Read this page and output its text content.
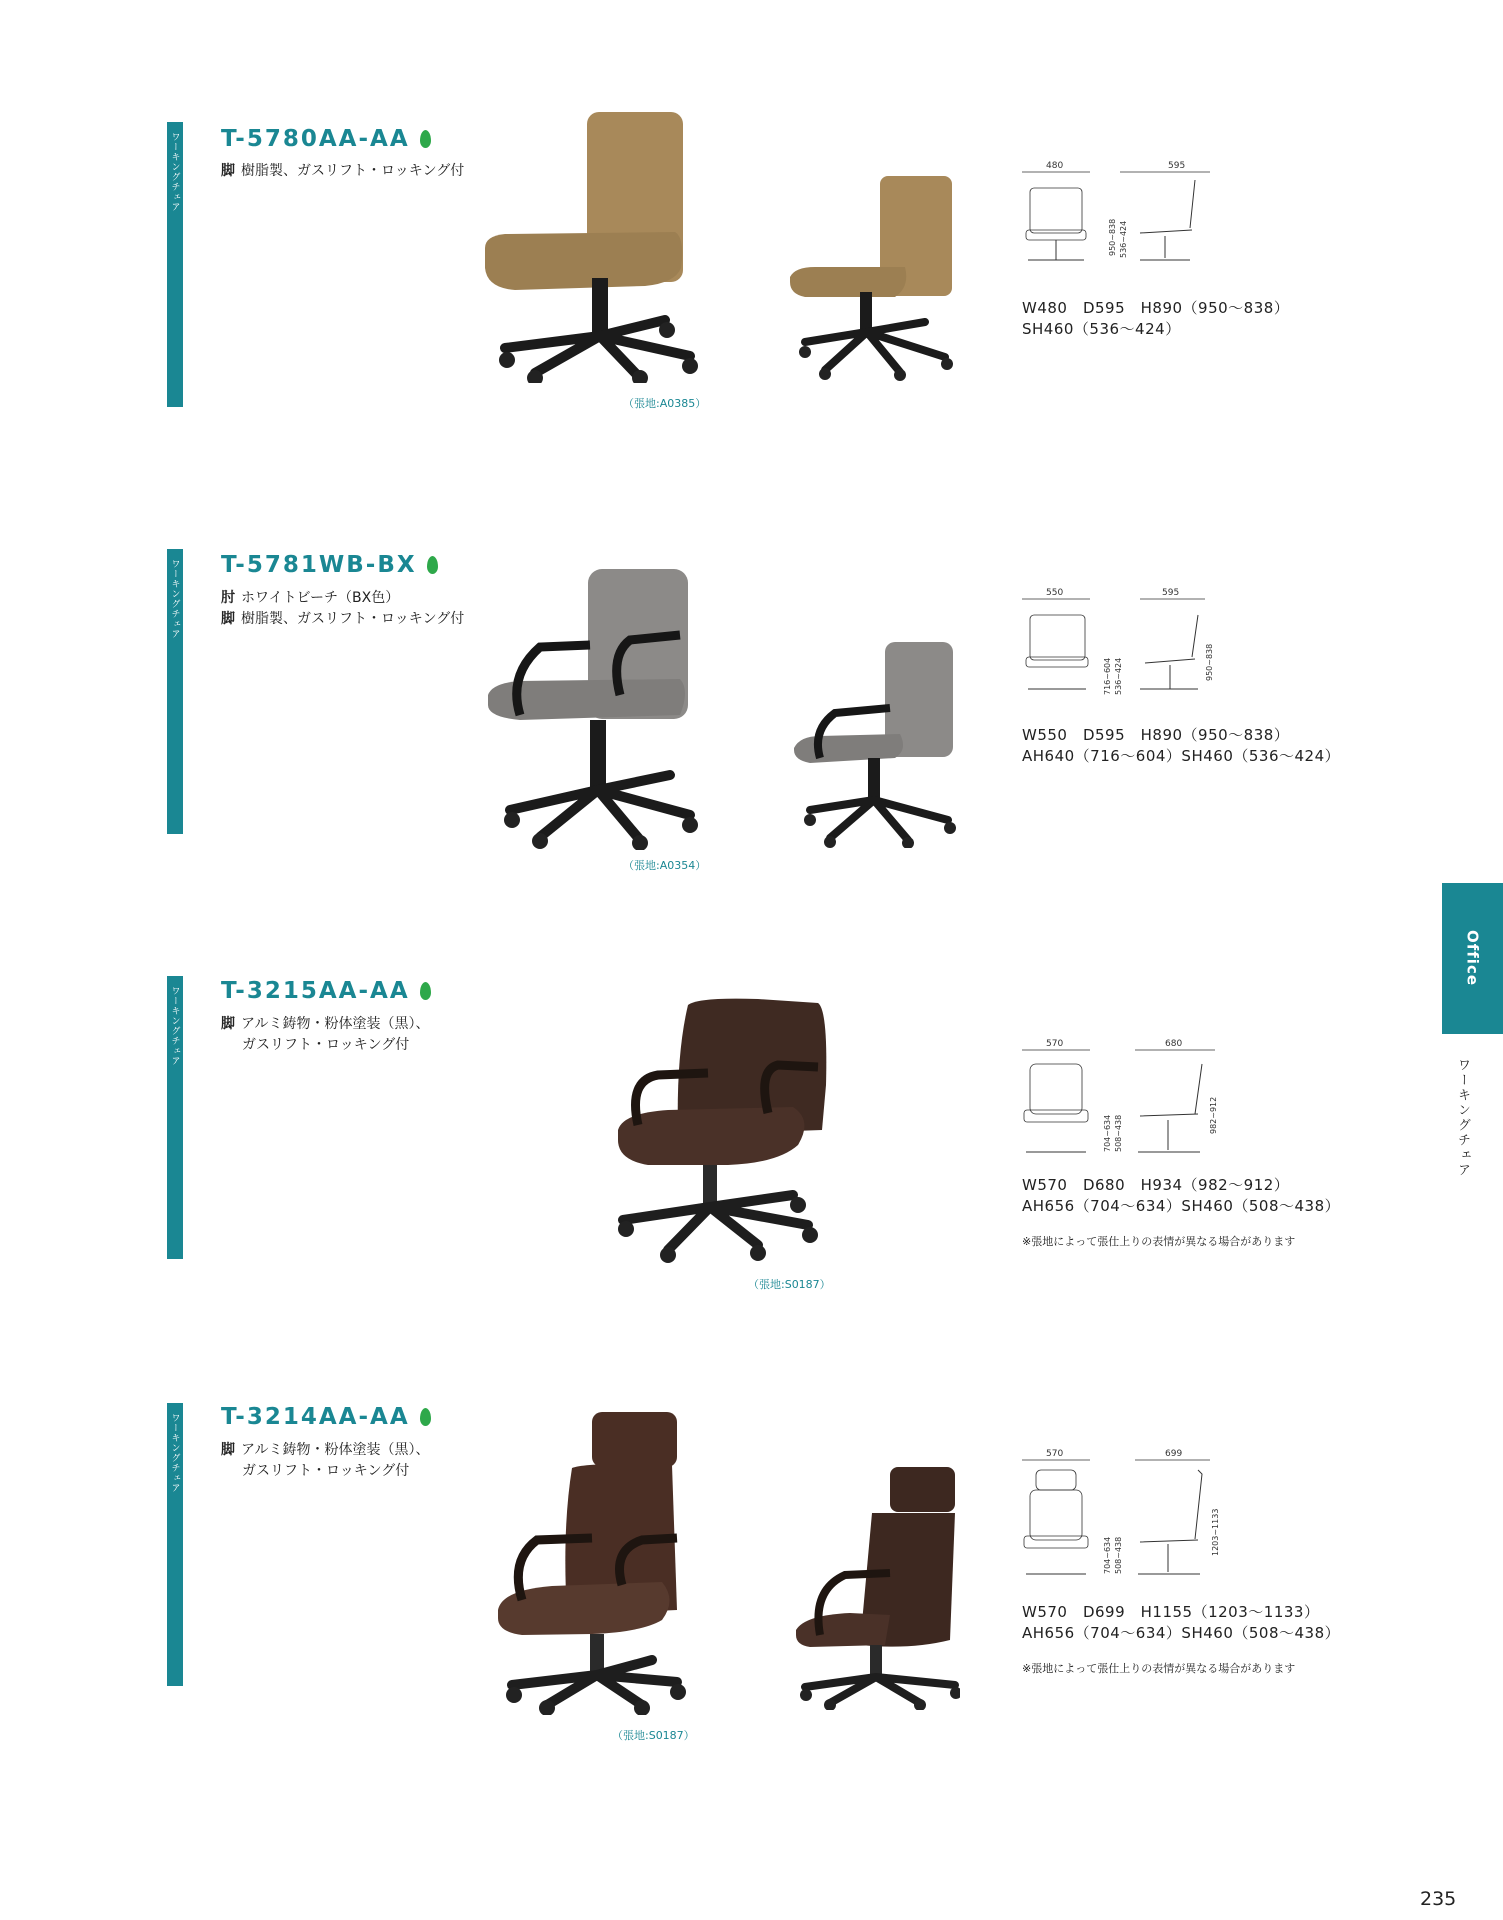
ワーキングチェア T-5780AA-AA
脚 樹脂製、ガスリフト・ロッキング付
（張地:A0385）
480	595
950~838 536~424
W480　D595　H890（950～838）
SH460（536～424）
ワーキングチェア T-5781WB-BX
肘 ホワイトビーチ（BX色）
脚 樹脂製、ガスリフト・ロッキング付
（張地:A0354）
550	595
716~604 536~424	950~838
W550　D595　H890（950～838）
AH640（716～604）SH460（536～424）
ワーキングチェア T-3215AA-AA
脚 アルミ鋳物・粉体塗装（黒）、
ガスリフト・ロッキング付
（張地:S0187）
570	680
704~634 508~438	982~912
W570　D680　H934（982～912）
AH656（704～634）SH460（508～438）
※張地によって張仕上りの表情が異なる場合があります
ワーキングチェア T-3214AA-AA
脚 アルミ鋳物・粉体塗装（黒）、
ガスリフト・ロッキング付
（張地:S0187）
570	699
704~634 508~438	1203~1133
W570　D699　H1155（1203～1133）
AH656（704～634）SH460（508～438）
※張地によって張仕上りの表情が異なる場合があります
Office
ワーキングチェア
235
